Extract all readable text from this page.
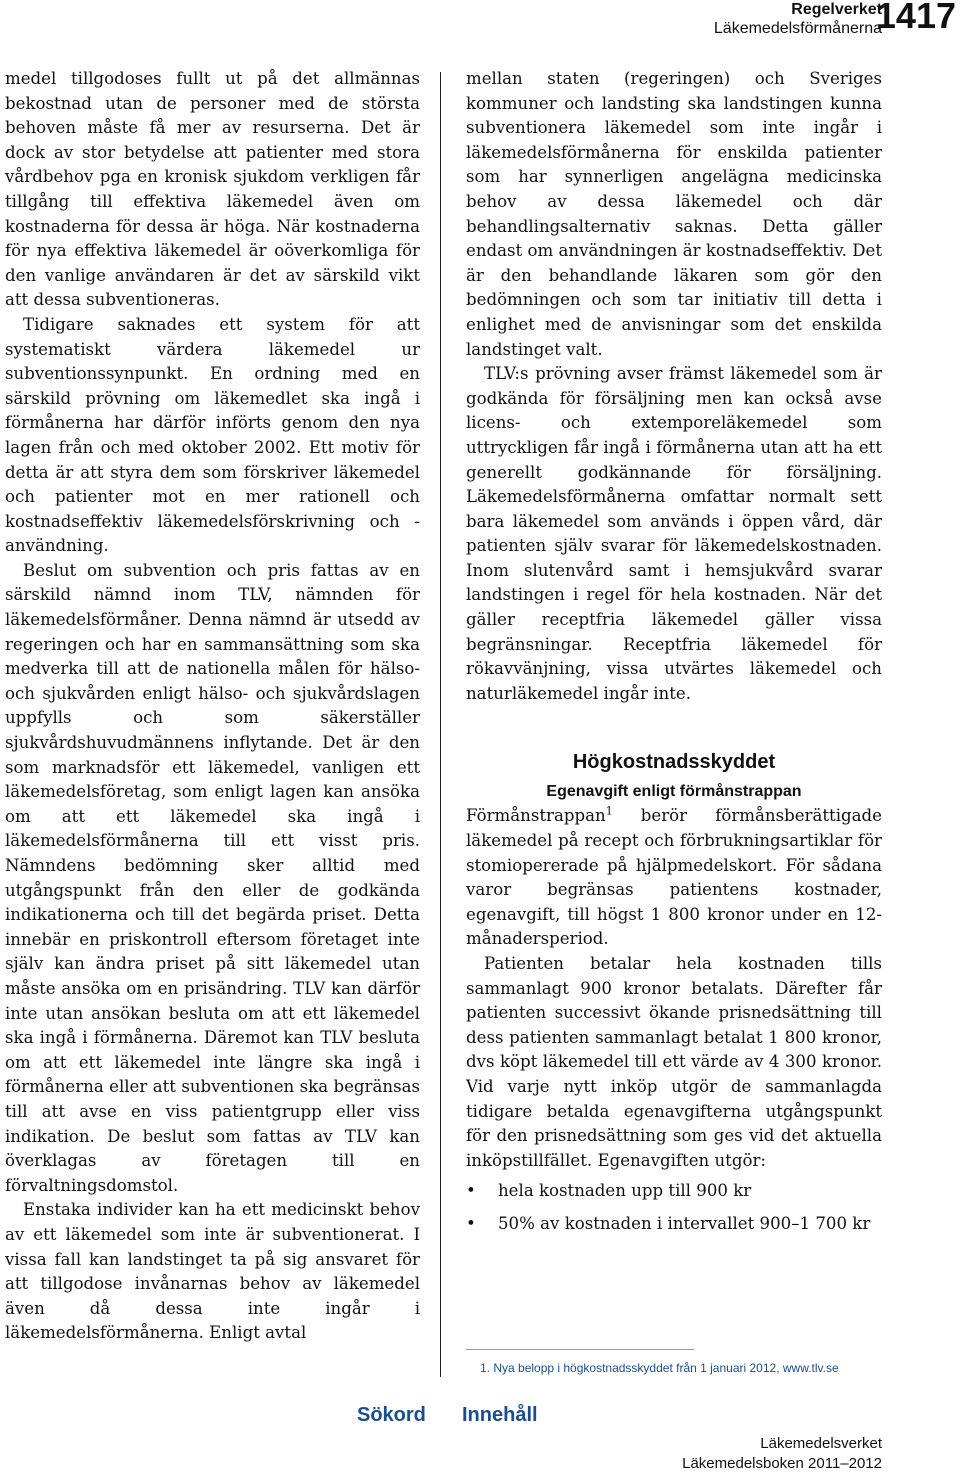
Regelverket
Läkemedelsförmånerna
1417

medel tillgodoses fullt ut på det allmännas bekostnad utan de personer med de största behoven måste få mer av resurserna. Det är dock av stor betydelse att patienter med stora vårdbehov pga en kronisk sjukdom verkligen får tillgång till effektiva läkemedel även om kostnaderna för dessa är höga. När kostnaderna för nya effektiva läkemedel är oöverkomliga för den vanlige användaren är det av särskild vikt att dessa subventioneras.

Tidigare saknades ett system för att systematiskt värdera läkemedel ur subventionssynpunkt. En ordning med en särskild prövning om läkemedlet ska ingå i förmånerna har därför införts genom den nya lagen från och med oktober 2002. Ett motiv för detta är att styra dem som förskriver läkemedel och patienter mot en mer rationell och kostnadseffektiv läkemedelsförskrivning och -användning.

Beslut om subvention och pris fattas av en särskild nämnd inom TLV, nämnden för läkemedelsförmåner. Denna nämnd är utsedd av regeringen och har en sammansättning som ska medverka till att de nationella målen för hälso- och sjukvården enligt hälso- och sjukvårdslagen uppfylls och som säkerställer sjukvårdshuvudmännens inflytande. Det är den som marknadsför ett läkemedel, vanligen ett läkemedelsföretag, som enligt lagen kan ansöka om att ett läkemedel ska ingå i läkemedelsförmånerna till ett visst pris. Nämndens bedömning sker alltid med utgångspunkt från den eller de godkända indikationerna och till det begärda priset. Detta innebär en priskontroll eftersom företaget inte själv kan ändra priset på sitt läkemedel utan måste ansöka om en prisändring. TLV kan därför inte utan ansökan besluta om att ett läkemedel ska ingå i förmånerna. Däremot kan TLV besluta om att ett läkemedel inte längre ska ingå i förmånerna eller att subventionen ska begränsas till att avse en viss patientgrupp eller viss indikation. De beslut som fattas av TLV kan överklagas av företagen till en förvaltningsdomstol.

Enstaka individer kan ha ett medicinskt behov av ett läkemedel som inte är subventionerat. I vissa fall kan landstinget ta på sig ansvaret för att tillgodose invånarnas behov av läkemedel även då dessa inte ingår i läkemedelsförmånerna. Enligt avtal

mellan staten (regeringen) och Sveriges kommuner och landsting ska landstingen kunna subventionera läkemedel som inte ingår i läkemedelsförmånerna för enskilda patienter som har synnerligen angelägna medicinska behov av dessa läkemedel och där behandlingsalternativ saknas. Detta gäller endast om användningen är kostnadseffektiv. Det är den behandlande läkaren som gör den bedömningen och som tar initiativ till detta i enlighet med de anvisningar som det enskilda landstinget valt.

TLV:s prövning avser främst läkemedel som är godkända för försäljning men kan också avse licens- och extemporeläkemedel som uttryckligen får ingå i förmånerna utan att ha ett generellt godkännande för försäljning. Läkemedelsförmånerna omfattar normalt sett bara läkemedel som används i öppen vård, där patienten själv svarar för läkemedelskostnaden. Inom slutenvård samt i hemsjukvård svarar landstingen i regel för hela kostnaden. När det gäller receptfria läkemedel gäller vissa begränsningar. Receptfria läkemedel för rökavvänjning, vissa utvärtes läkemedel och naturläkemedel ingår inte.

Högkostnadsskyddet
Egenavgift enligt förmånstrappan

Förmånstrappan$^1$ berör förmånsberättigade läkemedel på recept och förbrukningsartiklar för stomiopererade på hjälpmedelskort. För sådana varor begränsas patientens kostnader, egenavgift, till högst 1 800 kronor under en 12-månadersperiod.

Patienten betalar hela kostnaden tills sammanlagt 900 kronor betalats. Därefter får patienten successivt ökande prisnedsättning till dess patienten sammanlagt betalat 1 800 kronor, dvs köpt läkemedel till ett värde av 4 300 kronor. Vid varje nytt inköp utgör de sammanlagda tidigare betalda egenavgifterna utgångspunkt för den prisnedsättning som ges vid det aktuella inköpstillfället. Egenavgiften utgör:

• hela kostnaden upp till 900 kr
• 50% av kostnaden i intervallet 900–1 700 kr
1. Nya belopp i högkostnadsskyddet från 1 januari 2012, www.tlv.se
Sökord Innehåll
Läkemedelsverket
Läkemedelsboken 2011–2012
